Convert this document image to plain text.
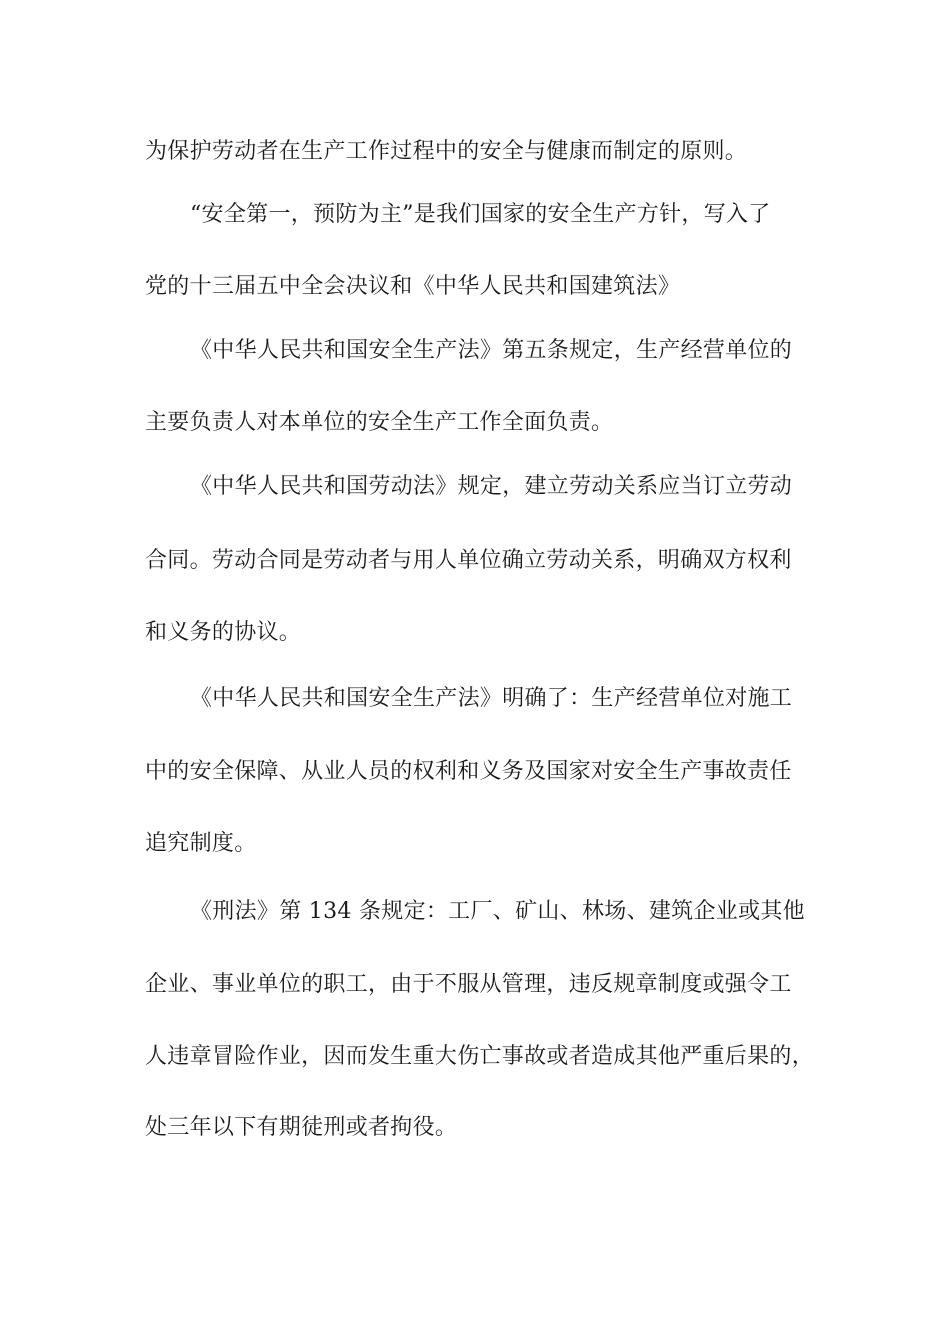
为保护劳动者在生产工作过程中的安全与健康而制定的原则。
“安全第一，预防为主”是我们国家的安全生产方针，写入了
党的十三届五中全会决议和《中华人民共和国建筑法》
《中华人民共和国安全生产法》第五条规定，生产经营单位的
主要负责人对本单位的安全生产工作全面负责。
《中华人民共和国劳动法》规定，建立劳动关系应当订立劳动
合同。劳动合同是劳动者与用人单位确立劳动关系，明确双方权利
和义务的协议。
《中华人民共和国安全生产法》明确了：生产经营单位对施工
中的安全保障、从业人员的权利和义务及国家对安全生产事故责任
追究制度。
《刑法》第 134 条规定：工厂、矿山、林场、建筑企业或其他
企业、事业单位的职工，由于不服从管理，违反规章制度或强令工
人违章冒险作业，因而发生重大伤亡事故或者造成其他严重后果的，
处三年以下有期徒刑或者拘役。
